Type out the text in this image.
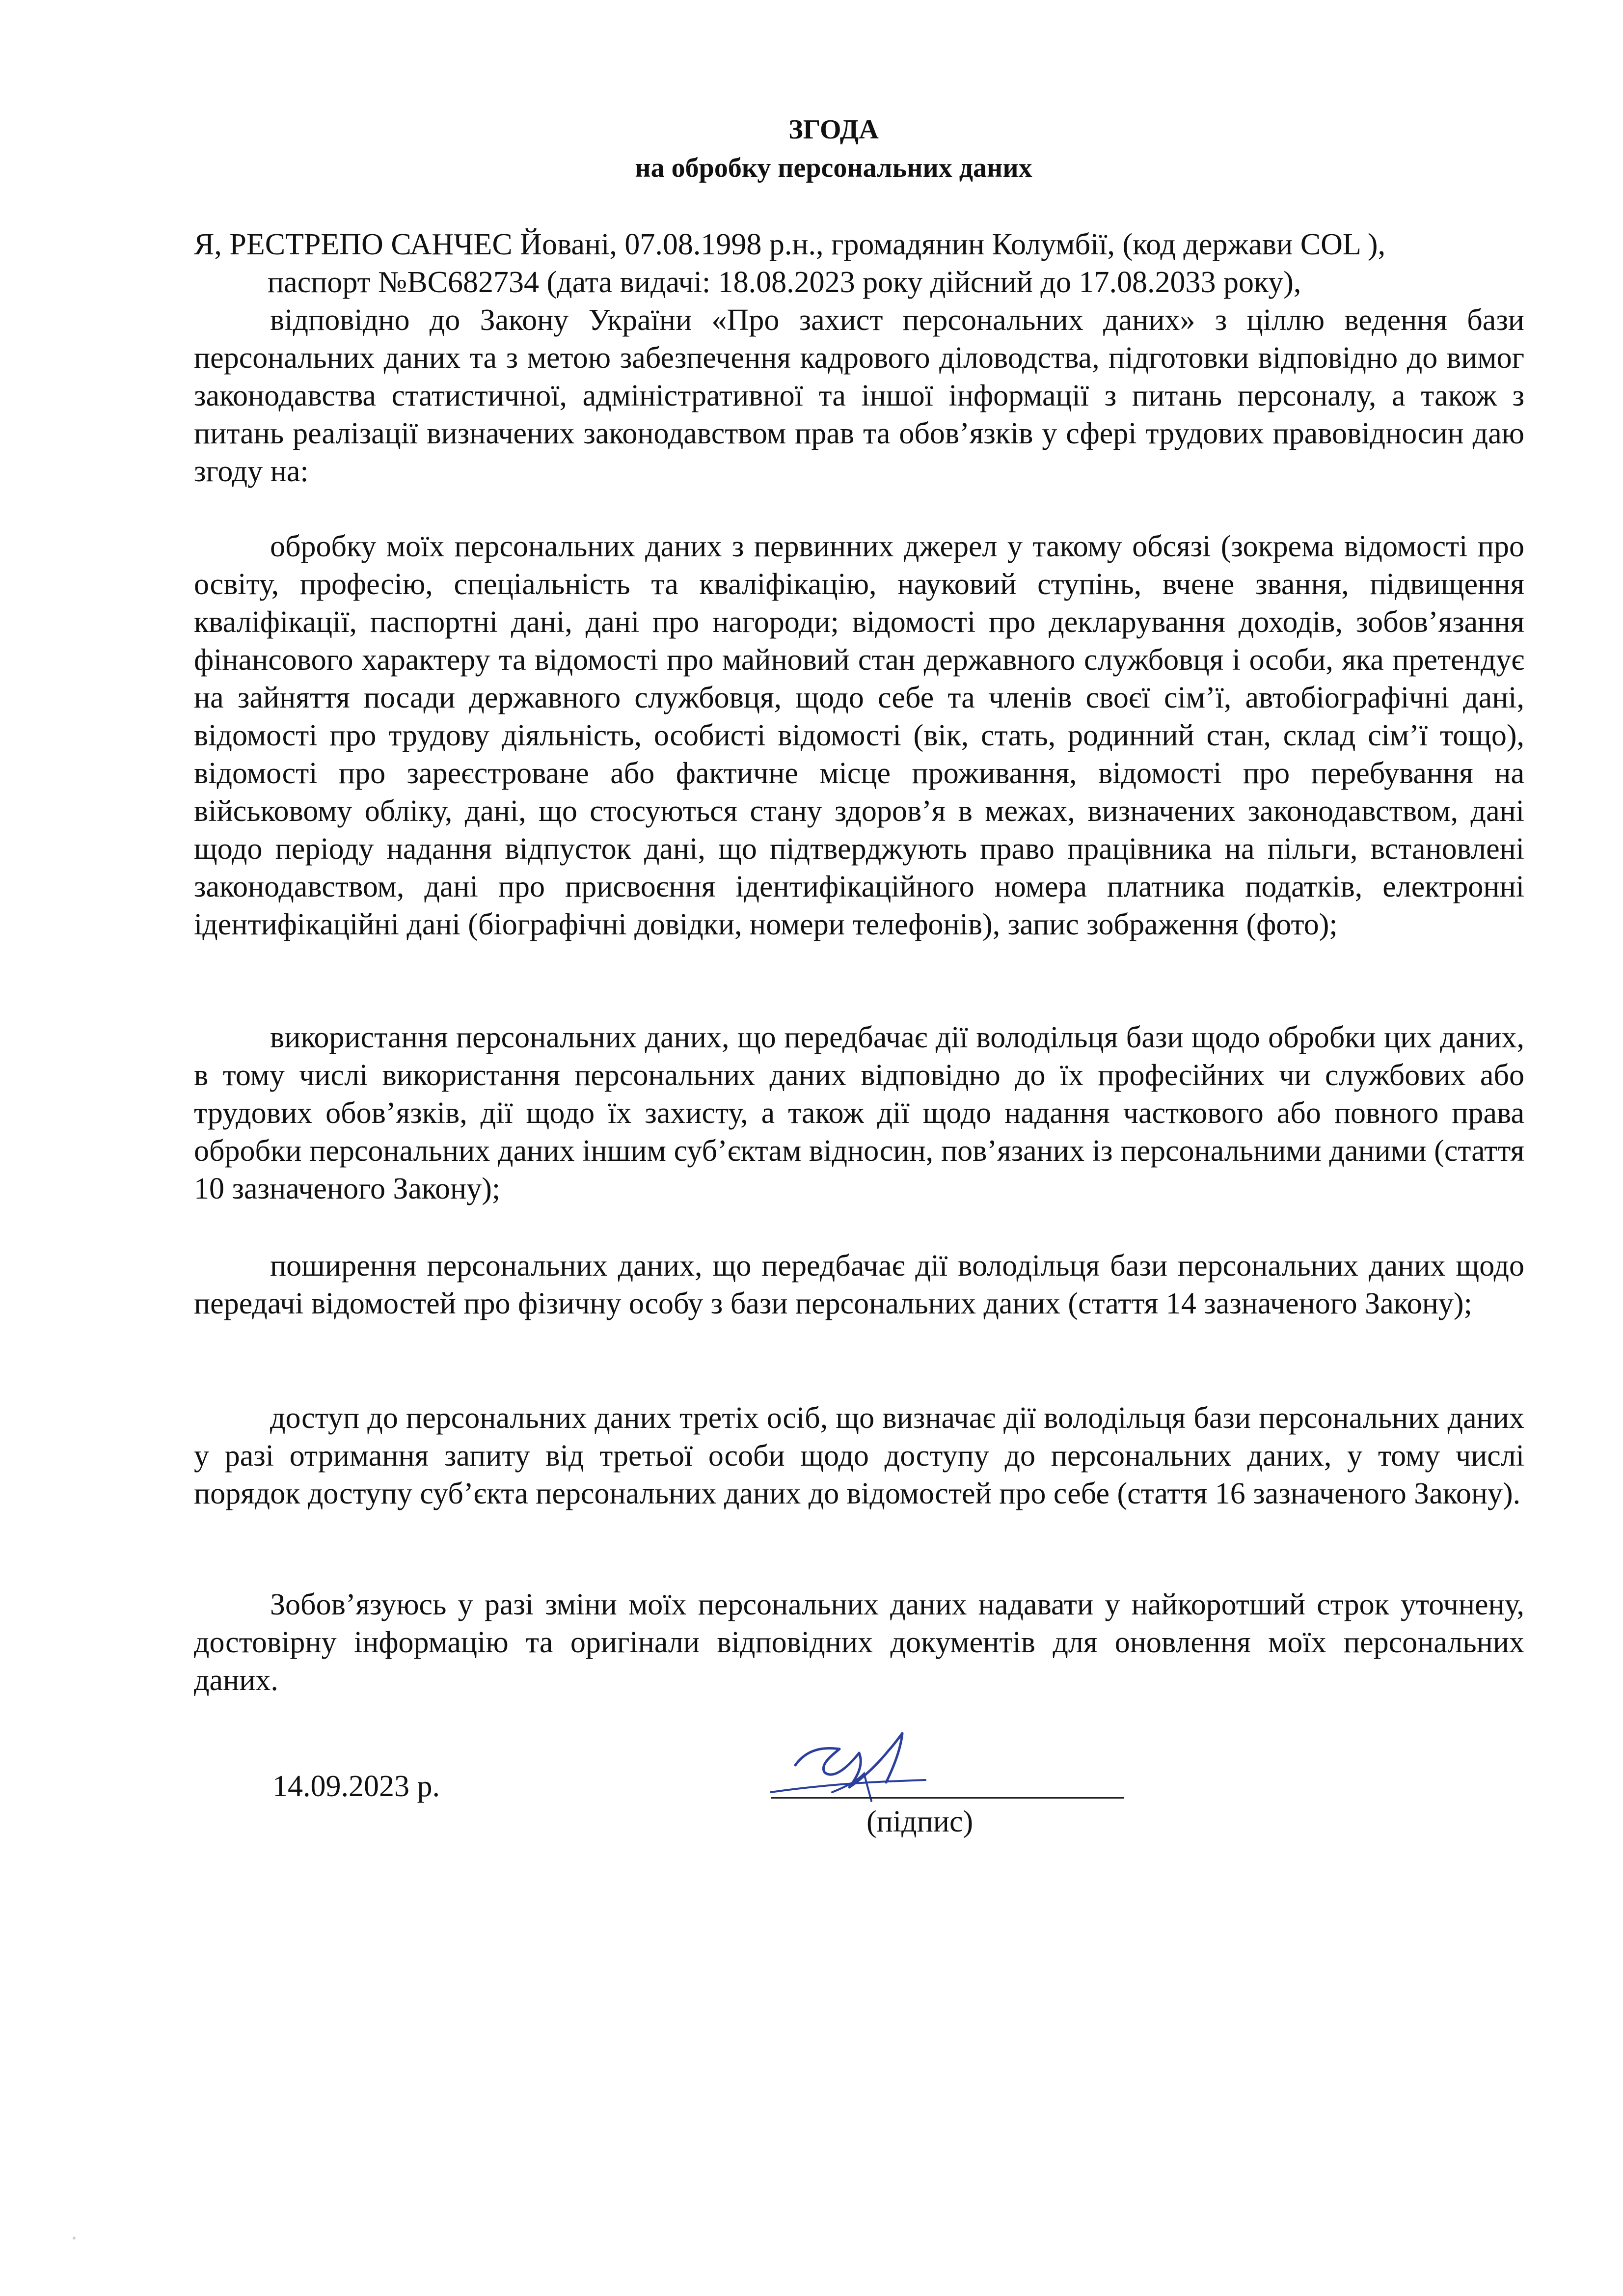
ЗГОДА
на обробку персональних даних
Я, РЕСТРЕПО САНЧЕС Йовані, 07.08.1998 р.н., громадянин Колумбії, (код держави COL ),
паспорт №BC682734 (дата видачі: 18.08.2023 року дійсний до 17.08.2033 року),
відповідно до Закону України «Про захист персональних даних» з ціллю ведення бази персональних даних та з метою забезпечення кадрового діловодства, підготовки відповідно до вимог законодавства статистичної, адміністративної та іншої інформації з питань персоналу, а також з питань реалізації визначених законодавством прав та обов’язків у сфері трудових правовідносин даю згоду на:
обробку моїх персональних даних з первинних джерел у такому обсязі (зокрема відомості про освіту, професію, спеціальність та кваліфікацію, науковий ступінь, вчене звання, підвищення кваліфікації, паспортні дані, дані про нагороди; відомості про декларування доходів, зобов’язання фінансового характеру та відомості про майновий стан державного службовця і особи, яка претендує на зайняття посади державного службовця, щодо себе та членів своєї сім’ї, автобіографічні дані, відомості про трудову діяльність, особисті відомості (вік, стать, родинний стан, склад сім’ї тощо), відомості про зареєстроване або фактичне місце проживання, відомості про перебування на військовому обліку, дані, що стосуються стану здоров’я в межах, визначених законодавством, дані щодо періоду надання відпусток дані, що підтверджують право працівника на пільги, встановлені законодавством, дані про присвоєння ідентифікаційного номера платника податків, електронні ідентифікаційні дані (біографічні довідки, номери телефонів), запис зображення (фото);
використання персональних даних, що передбачає дії володільця бази щодо обробки цих даних, в тому числі використання персональних даних відповідно до їх професійних чи службових або трудових обов’язків, дії щодо їх захисту, а також дії щодо надання часткового або повного права обробки персональних даних іншим суб’єктам відносин, пов’язаних із персональними даними (стаття 10 зазначеного Закону);
поширення персональних даних, що передбачає дії володільця бази персональних даних щодо передачі відомостей про фізичну особу з бази персональних даних (стаття 14 зазначеного Закону);
доступ до персональних даних третіх осіб, що визначає дії володільця бази персональних даних у разі отримання запиту від третьої особи щодо доступу до персональних даних, у тому числі порядок доступу суб’єкта персональних даних до відомостей про себе (стаття 16 зазначеного Закону).
Зобов’язуюсь у разі зміни моїх персональних даних надавати у найкоротший строк уточнену, достовірну інформацію та оригінали відповідних документів для оновлення моїх персональних даних.
14.09.2023 р.
(підпис)
